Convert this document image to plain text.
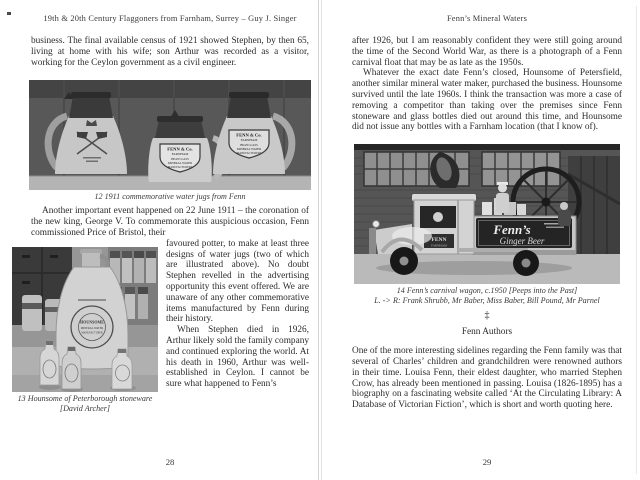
19th & 20th Century Flaggoners from Farnham, Surrey – Guy J. Singer

business. The final available census of 1921 showed Stephen, by then 65, living at home with his wife; son Arthur was recorded as a visitor, working for the Ceylon government as a civil engineer.

FENN & Co.
FARNHAM
HIGH CLASS
MINERAL WATER
MANUFACTURERS
FENN & Co.
FARNHAM
HIGH CLASS
MINERAL WATER
MANUFACTURERS
12 1911 commemorative water jugs from Fenn

Another important event happened on 22 June 1911 – the coronation of the new king, George V. To commemorate this auspicious occasion, Fenn commissioned Price of Bristol, their

HOUNSOME
MINERAL WATER
MANUFACTURER
13 Hounsome of Peterborough stoneware
[David Archer]

favoured potter, to make at least three designs of water jugs (two of which are illustrated above). No doubt Stephen revelled in the advertising opportunity this event offered. We are unaware of any other commemorative items manufactured by Fenn during their history.

When Stephen died in 1926, Arthur likely sold the family company and continued exploring the world. At his death in 1960, Arthur was well-established in Ceylon. I cannot be sure what happened to Fenn’s

28
Fenn’s Mineral Waters

after 1926, but I am reasonably confident they were still going around the time of the Second World War, as there is a photograph of a Fenn carnival float that may be as late as the 1950s.

Whatever the exact date Fenn’s closed, Hounsome of Petersfield, another similar mineral water maker, purchased the business. Hounsome survived until the late 1960s. I think the transaction was more a case of removing a competitor than taking over the premises since Fenn stoneware and glass bottles died out around this time, and Hounsome did not issue any bottles with a Farnham location (that I know of).

Fenn’s
Ginger Beer
FENN
FARNHAM
14 Fenn’s carnival wagon, c.1950 [Peeps into the Past]
L. -> R: Frank Shrubb, Mr Baber, Miss Baber, Bill Pound, Mr Parnel
‡
Fenn Authors

One of the more interesting sidelines regarding the Fenn family was that several of Charles’ children and grandchildren were renowned authors in their time. Louisa Fenn, their eldest daughter, who married Stephen Crow, has already been mentioned in passing. Louisa (1826-1895) has a biography on a fascinating website called ‘At the Circulating Library: A Database of Victorian Fiction’, which is short and worth quoting here.

29
